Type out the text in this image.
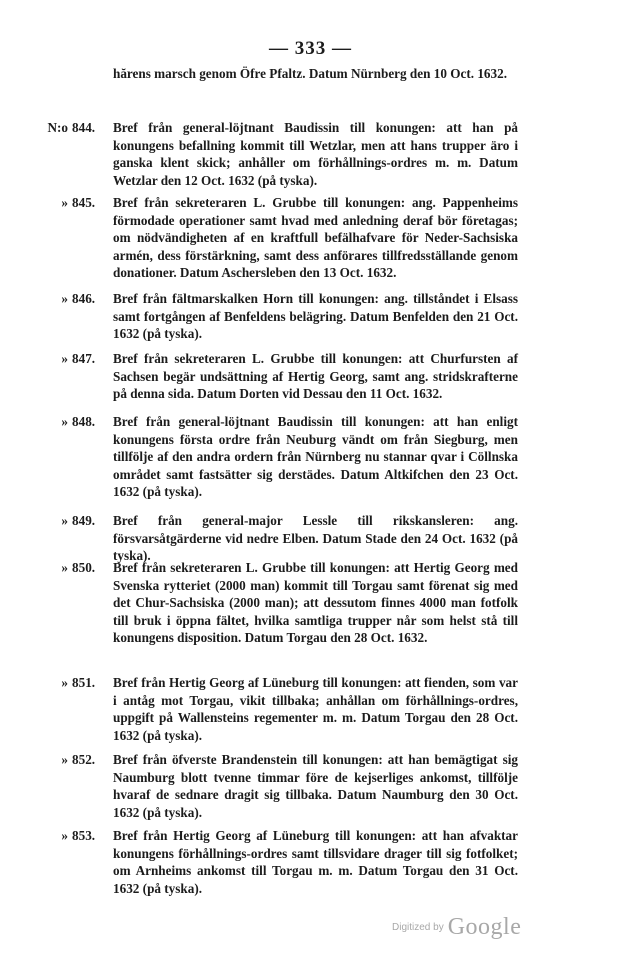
— 333 —
hărens marsch genom Öfre Pfaltz. Datum Nürnberg den 10 Oct. 1632.
N:o 844.	Bref från general-löjtnant Baudissin till konungen: att han på konungens befallning kommit till Wetzlar, men att hans trupper äro i ganska klent skick; anhåller om förhållnings-ordres m. m. Datum Wetzlar den 12 Oct. 1632 (på tyska).
» 845.	Bref från sekreteraren L. Grubbe till konungen: ang. Pappenheims förmodade operationer samt hvad med anledning deraf bör företagas; om nödvändigheten af en kraftfull befälhafvare för Neder-Sachsiska armén, dess förstärkning, samt dess anförares tillfredsställande genom donationer. Datum Aschersleben den 13 Oct. 1632.
» 846.	Bref från fältmarskalken Horn till konungen: ang. tillståndet i Elsass samt fortgången af Benfeldens belägring. Datum Benfelden den 21 Oct. 1632 (på tyska).
» 847.	Bref från sekreteraren L. Grubbe till konungen: att Churfursten af Sachsen begär undsättning af Hertig Georg, samt ang. stridskrafterne på denna sida. Datum Dorten vid Dessau den 11 Oct. 1632.
» 848.	Bref från general-löjtnant Baudissin till konungen: att han enligt konungens första ordre från Neuburg vändt om från Siegburg, men tillfölje af den andra ordern från Nürnberg nu stannar qvar i Cöllnska området samt fastsätter sig derstädes. Datum Altkifchen den 23 Oct. 1632 (på tyska).
» 849.	Bref från general-major Lessle till rikskansleren: ang. försvarsåtgärderne vid nedre Elben. Datum Stade den 24 Oct. 1632 (på tyska).
» 850.	Bref från sekreteraren L. Grubbe till konungen: att Hertig Georg med Svenska rytteriet (2000 man) kommit till Torgau samt förenat sig med det Chur-Sachsiska (2000 man); att dessutom finnes 4000 man fotfolk till bruk i öppna fältet, hvilka samtliga trupper når som helst stå till konungens disposition. Datum Torgau den 28 Oct. 1632.
» 851.	Bref från Hertig Georg af Lüneburg till konungen: att fienden, som var i antåg mot Torgau, vikit tillbaka; anhållan om förhållnings-ordres, uppgift på Wallensteins regementer m. m. Datum Torgau den 28 Oct. 1632 (på tyska).
» 852.	Bref från öfverste Brandenstein till konungen: att han bemägtigat sig Naumburg blott tvenne timmar före de kejserliges ankomst, tillfölje hvaraf de sednare dragit sig tillbaka. Datum Naumburg den 30 Oct. 1632 (på tyska).
» 853.	Bref från Hertig Georg af Lüneburg till konungen: att han afvaktar konungens förhållnings-ordres samt tillsvidare drager till sig fotfolket; om Arnheims ankomst till Torgau m. m. Datum Torgau den 31 Oct. 1632 (på tyska).
Digitized by Google
